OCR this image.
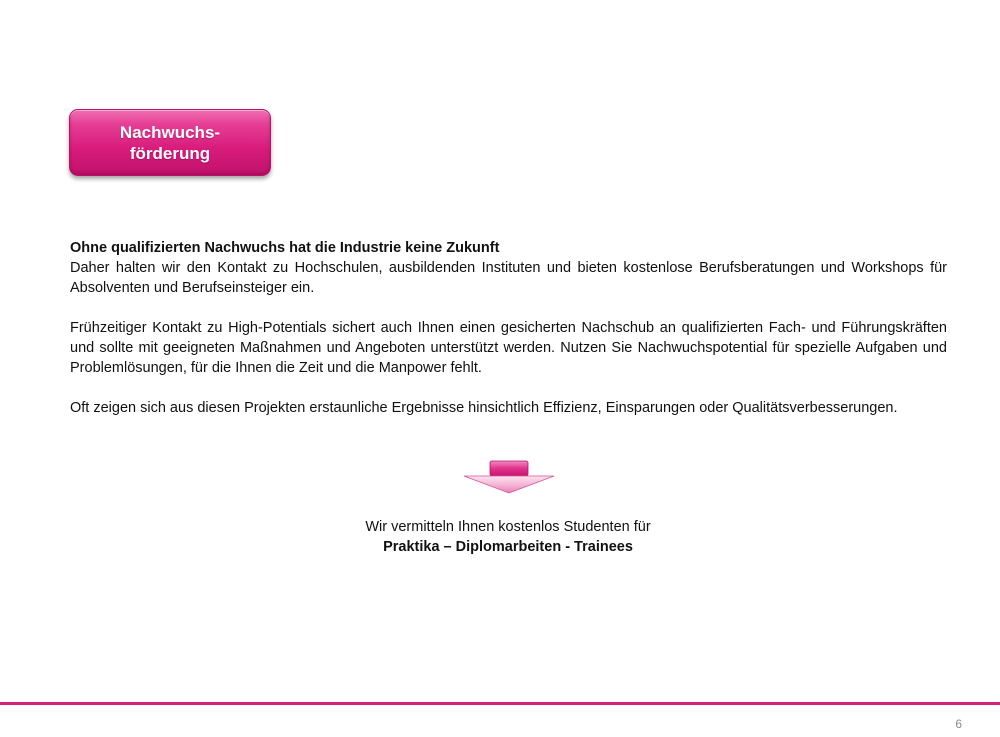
Nachwuchs-
förderung

Ohne qualifizierten Nachwuchs hat die Industrie keine Zukunft

Daher halten wir den Kontakt zu Hochschulen, ausbildenden Instituten und bieten kostenlose Berufsberatungen und Workshops für Absolventen und Berufseinsteiger ein.

Frühzeitiger Kontakt zu High-Potentials sichert auch Ihnen einen gesicherten Nachschub an qualifizierten Fach- und Führungskräften und sollte mit geeigneten Maßnahmen und Angeboten unterstützt werden. Nutzen Sie Nachwuchspotential für spezielle Aufgaben und Problemlösungen, für die Ihnen die Zeit und die Manpower fehlt.

Oft zeigen sich aus diesen Projekten erstaunliche Ergebnisse hinsichtlich Effizienz, Einsparungen oder Qualitätsverbesserungen.

Wir vermitteln Ihnen kostenlos Studenten für
Praktika – Diplomarbeiten - Trainees
6
